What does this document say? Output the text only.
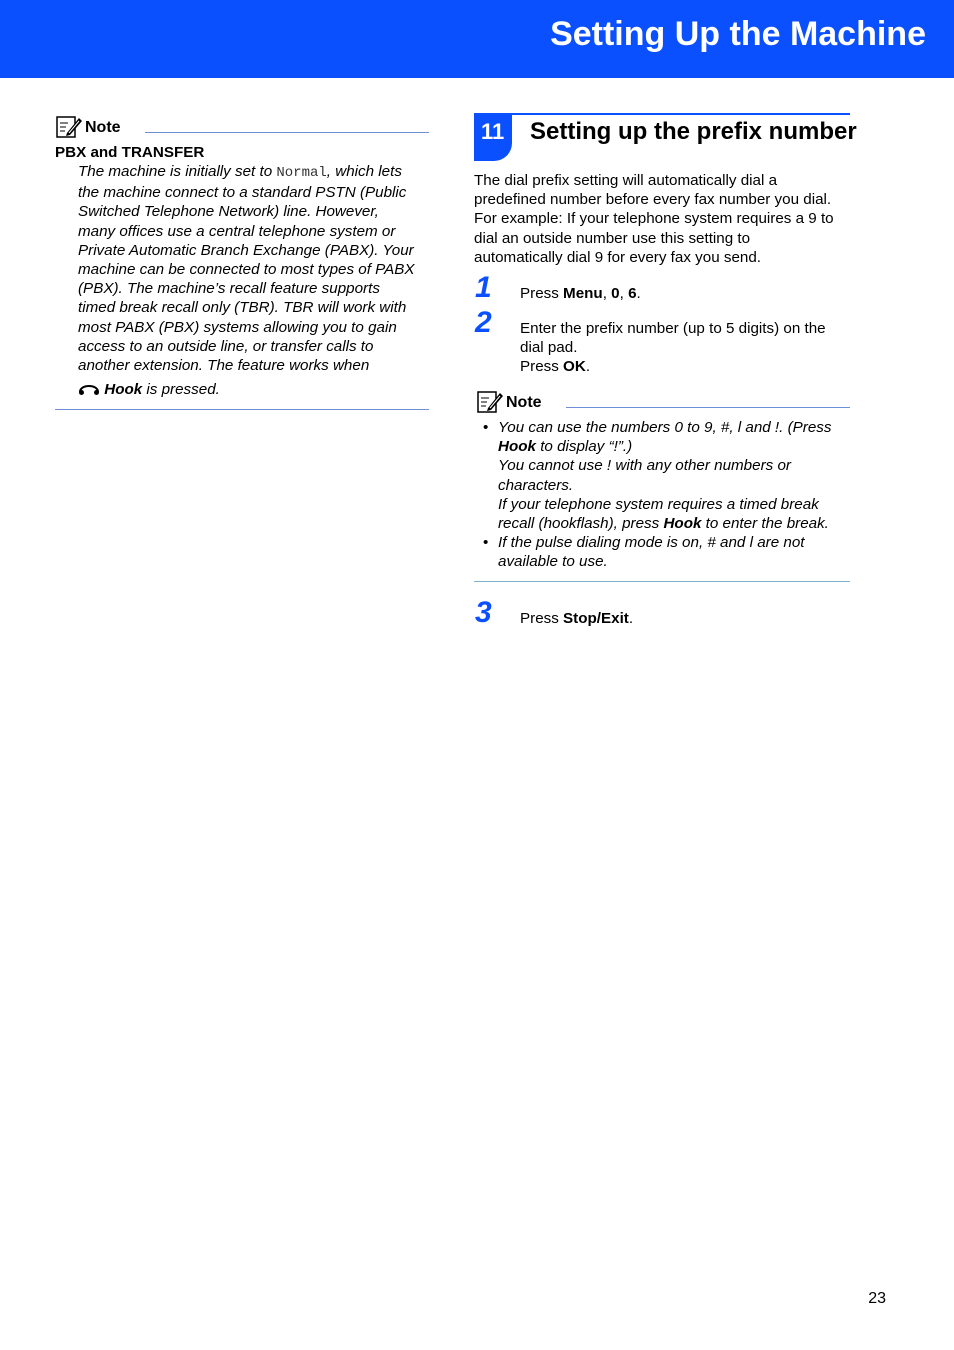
Setting Up the Machine
Note
PBX and TRANSFER
The machine is initially set to Normal, which lets
the machine connect to a standard PSTN (Public
Switched Telephone Network) line. However,
many offices use a central telephone system or
Private Automatic Branch Exchange (PABX). Your
machine can be connected to most types of PABX
(PBX). The machine’s recall feature supports
timed break recall only (TBR). TBR will work with
most PABX (PBX) systems allowing you to gain
access to an outside line, or transfer calls to
another extension. The feature works when
Hook is pressed.
11 Setting up the prefix number
The dial prefix setting will automatically dial a
predefined number before every fax number you dial.
For example: If your telephone system requires a 9 to
dial an outside number use this setting to
automatically dial 9 for every fax you send.
1 Press Menu, 0, 6.
2 Enter the prefix number (up to 5 digits) on the
dial pad.
Press OK.
Note
• You can use the numbers 0 to 9, #, l and !. (Press
Hook to display “!”.)
You cannot use ! with any other numbers or
characters.
If your telephone system requires a timed break
recall (hookflash), press Hook to enter the break.
• If the pulse dialing mode is on, # and l are not
available to use.
3 Press Stop/Exit.
23
